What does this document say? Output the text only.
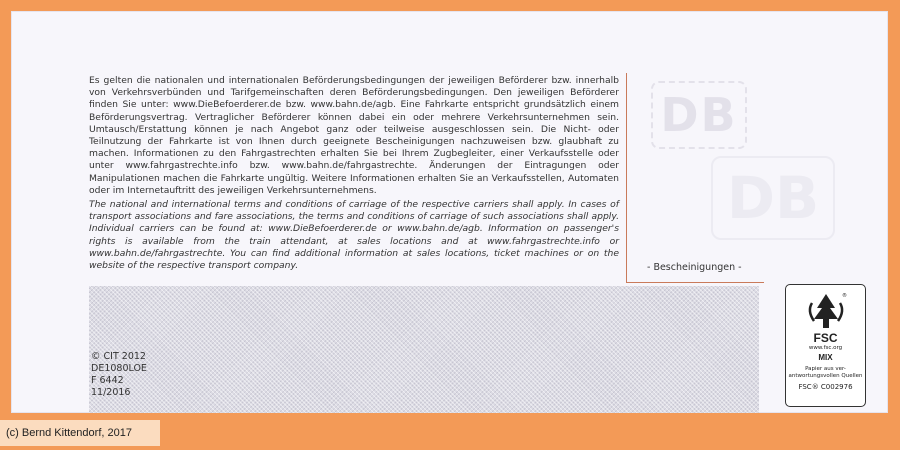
DB
DB

Es gelten die nationalen und internationalen Beförderungsbedingungen der jeweiligen Beförderer bzw. innerhalb von Verkehrsverbünden und Tarifgemeinschaften deren Beförderungsbedingungen. Den jeweiligen Beförderer finden Sie unter: www.DieBefoerderer.de bzw. www.bahn.de/agb. Eine Fahrkarte entspricht grundsätzlich einem Beförderungsvertrag. Vertraglicher Beförderer können dabei ein oder mehrere Verkehrsunternehmen sein. Umtausch/Erstattung können je nach Angebot ganz oder teilweise ausgeschlossen sein. Die Nicht- oder Teilnutzung der Fahrkarte ist von Ihnen durch geeignete Bescheinigungen nachzuweisen bzw. glaubhaft zu machen. Informationen zu den Fahrgastrechten erhalten Sie bei Ihrem Zugbegleiter, einer Verkaufsstelle oder unter www.fahrgastrechte.info bzw. www.bahn.de/fahrgastrechte. Änderungen der Eintragungen oder Manipulationen machen die Fahrkarte ungültig. Weitere Informationen erhalten Sie an Verkaufsstellen, Automaten oder im Internetauftritt des jeweiligen Verkehrsunternehmens.

The national and international terms and conditions of carriage of the respective carriers shall apply. In cases of transport associations and fare associations, the terms and conditions of carriage of such associations shall apply. Individual carriers can be found at: www.DieBefoerderer.de or www.bahn.de/agb. Information on passenger's rights is available from the train attendant, at sales locations and at www.fahrgastrechte.info or www.bahn.de/fahrgastrechte. You can find additional information at sales locations, ticket machines or on the website of the respective transport company.	- Bescheinigungen -
© CIT 2012
DE1080LOE
F 6442
11/2016
®
FSC
www.fsc.org
MIX
Papier aus ver-antwortungsvollen Quellen
FSC® C002976
(c) Bernd Kittendorf, 2017
